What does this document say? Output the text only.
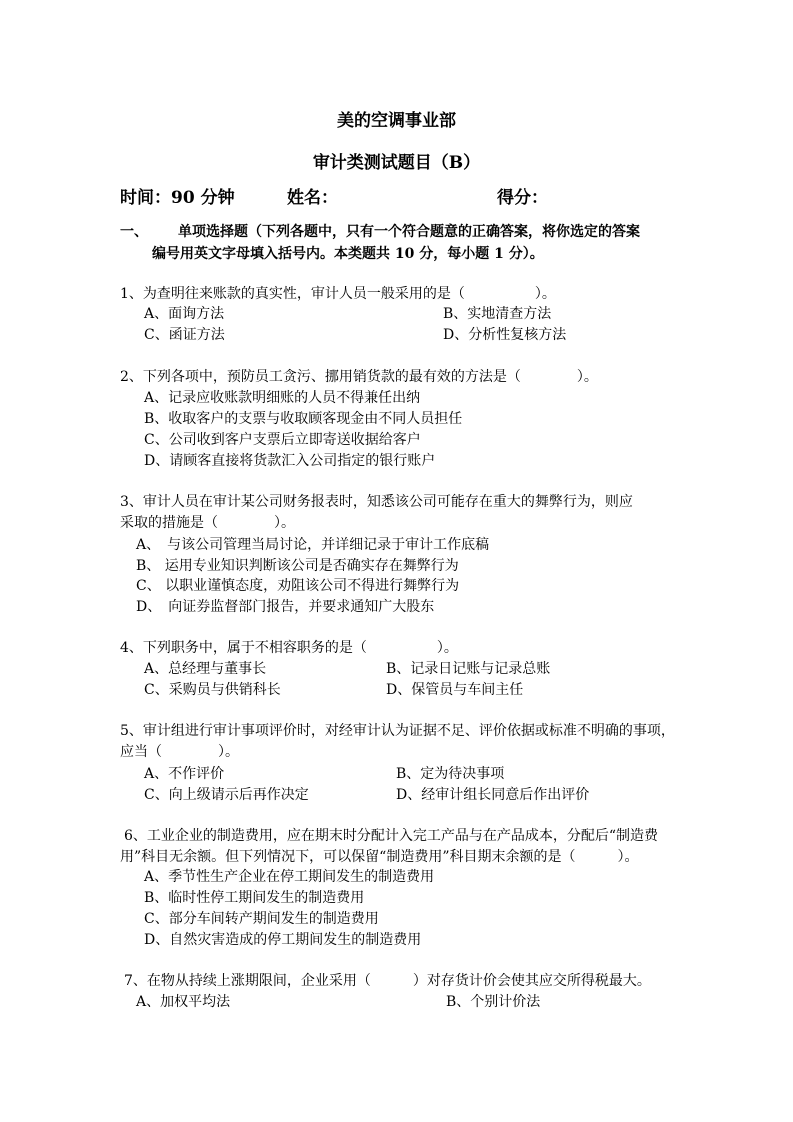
美的空调事业部
审计类测试题目（B）
时间：90 分钟	姓名：	得分：
一、 单项选择题（下列各题中，只有一个符合题意的正确答案，将你选定的答案
编号用英文字母填入括号内。本类题共 10 分，每小题 1 分）。
1、为查明往来账款的真实性，审计人员一般采用的是（　　　　　）。
A、面询方法	B、实地清查方法
C、函证方法	D、分析性复核方法
2、下列各项中，预防员工贪污、挪用销货款的最有效的方法是（　　　　）。
A、记录应收账款明细账的人员不得兼任出纳
B、收取客户的支票与收取顾客现金由不同人员担任
C、公司收到客户支票后立即寄送收据给客户
D、请顾客直接将货款汇入公司指定的银行账户
3、审计人员在审计某公司财务报表时，知悉该公司可能存在重大的舞弊行为，则应
采取的措施是（　　　　）。
A、　与该公司管理当局讨论，并详细记录于审计工作底稿
B、 运用专业知识判断该公司是否确实存在舞弊行为
C、 以职业谨慎态度，劝阻该公司不得进行舞弊行为
D、　向证券监督部门报告，并要求通知广大股东
4、下列职务中，属于不相容职务的是（　　　　　）。
A、总经理与董事长	B、记录日记账与记录总账
C、采购员与供销科长	D、保管员与车间主任
5、审计组进行审计事项评价时，对经审计认为证据不足、评价依据或标准不明确的事项，
应当（　　　　）。
A、不作评价	B、定为待决事项
C、向上级请示后再作决定	D、经审计组长同意后作出评价
6、工业企业的制造费用，应在期末时分配计入完工产品与在产品成本，分配后“制造费
用”科目无余额。但下列情况下，可以保留“制造费用”科目期末余额的是（　　　）。
A、季节性生产企业在停工期间发生的制造费用
B、临时性停工期间发生的制造费用
C、部分车间转产期间发生的制造费用
D、自然灾害造成的停工期间发生的制造费用
7、在物从持续上涨期限间，企业采用（　　　）对存货计价会使其应交所得税最大。
A、加权平均法	B、个别计价法
